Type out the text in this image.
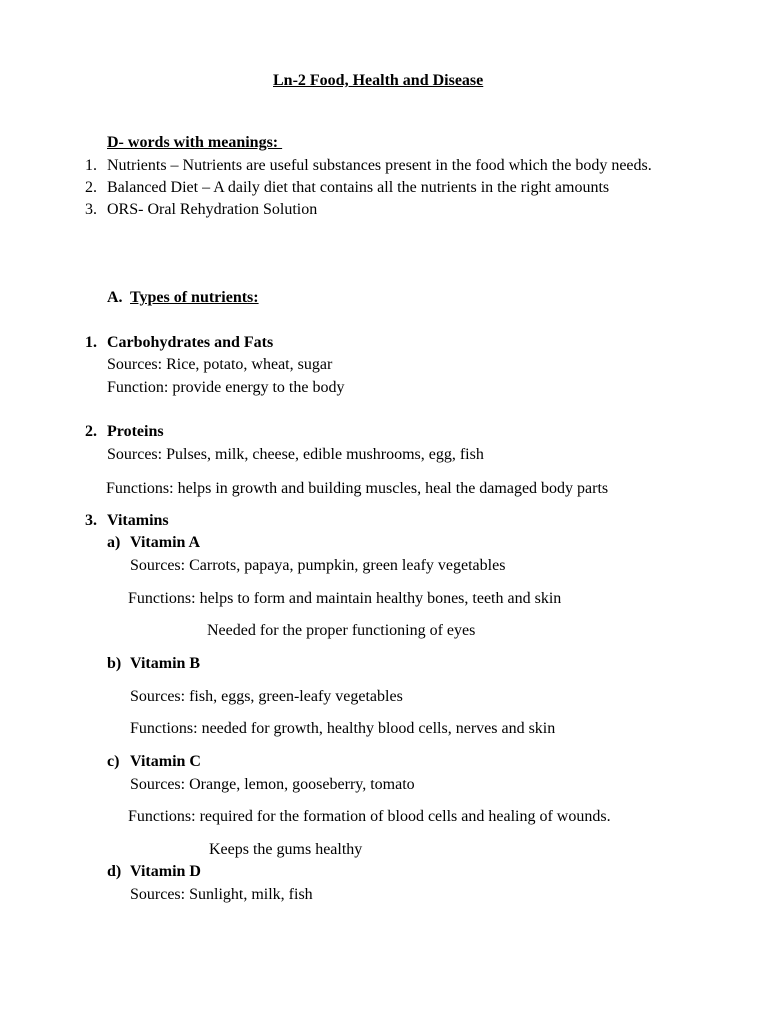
Ln-2 Food, Health and Disease
D- words with meanings:
1. Nutrients – Nutrients are useful substances present in the food which the body needs.
2. Balanced Diet – A daily diet that contains all the nutrients in the right amounts
3. ORS- Oral Rehydration Solution
A. Types of nutrients:
1. Carbohydrates and Fats
Sources: Rice, potato, wheat, sugar
Function: provide energy to the body
2. Proteins
Sources: Pulses, milk, cheese, edible mushrooms, egg, fish
Functions: helps in growth and building muscles, heal the damaged body parts
3. Vitamins
a) Vitamin A
Sources: Carrots, papaya, pumpkin, green leafy vegetables
Functions: helps to form and maintain healthy bones, teeth and skin
Needed for the proper functioning of eyes
b) Vitamin B
Sources: fish, eggs, green-leafy vegetables
Functions: needed for growth, healthy blood cells, nerves and skin
c) Vitamin C
Sources: Orange, lemon, gooseberry, tomato
Functions: required for the formation of blood cells and healing of wounds.
Keeps the gums healthy
d) Vitamin D
Sources: Sunlight, milk, fish
